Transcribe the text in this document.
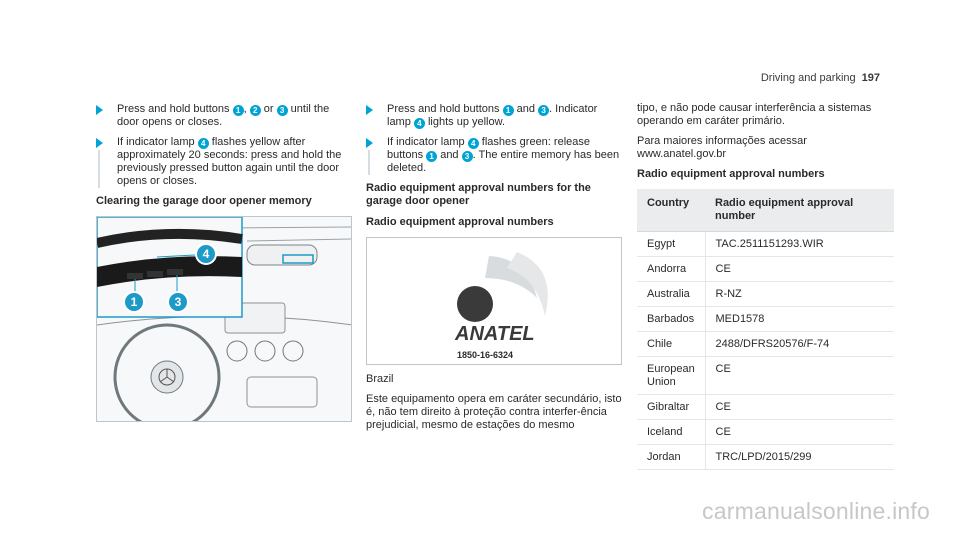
Driving and parking 197
Press and hold buttons 1 , 2 or 3 until the door opens or closes.
If indicator lamp 4 flashes yellow after approximately 20 seconds: press and hold the previously pressed button again until the door opens or closes.
Clearing the garage door opener memory
4
1	3
Press and hold buttons 1 and 3 . Indicator lamp 4 lights up yellow.
If indicator lamp 4 flashes green: release buttons 1 and 3 . The entire memory has been deleted.
Radio equipment approval numbers for the garage door opener
Radio equipment approval numbers
ANATEL
1850-16-6324
Brazil
Este equipamento opera em caráter secundário, isto é, não tem direito à proteção contra interfer-ência prejudicial, mesmo de estações do mesmo
tipo, e não pode causar interferência a sistemas operando em caráter primário.
Para maiores informações acessar www.anatel.gov.br
Radio equipment approval numbers
Country	Radio equipment approval number
Egypt	TAC.2511151293.WIR
Andorra	CE
Australia	R-NZ
Barbados	MED1578
Chile	2488/DFRS20576/F-74
European Union	CE
Gibraltar	CE
Iceland	CE
Jordan	TRC/LPD/2015/299
carmanualsonline.info
